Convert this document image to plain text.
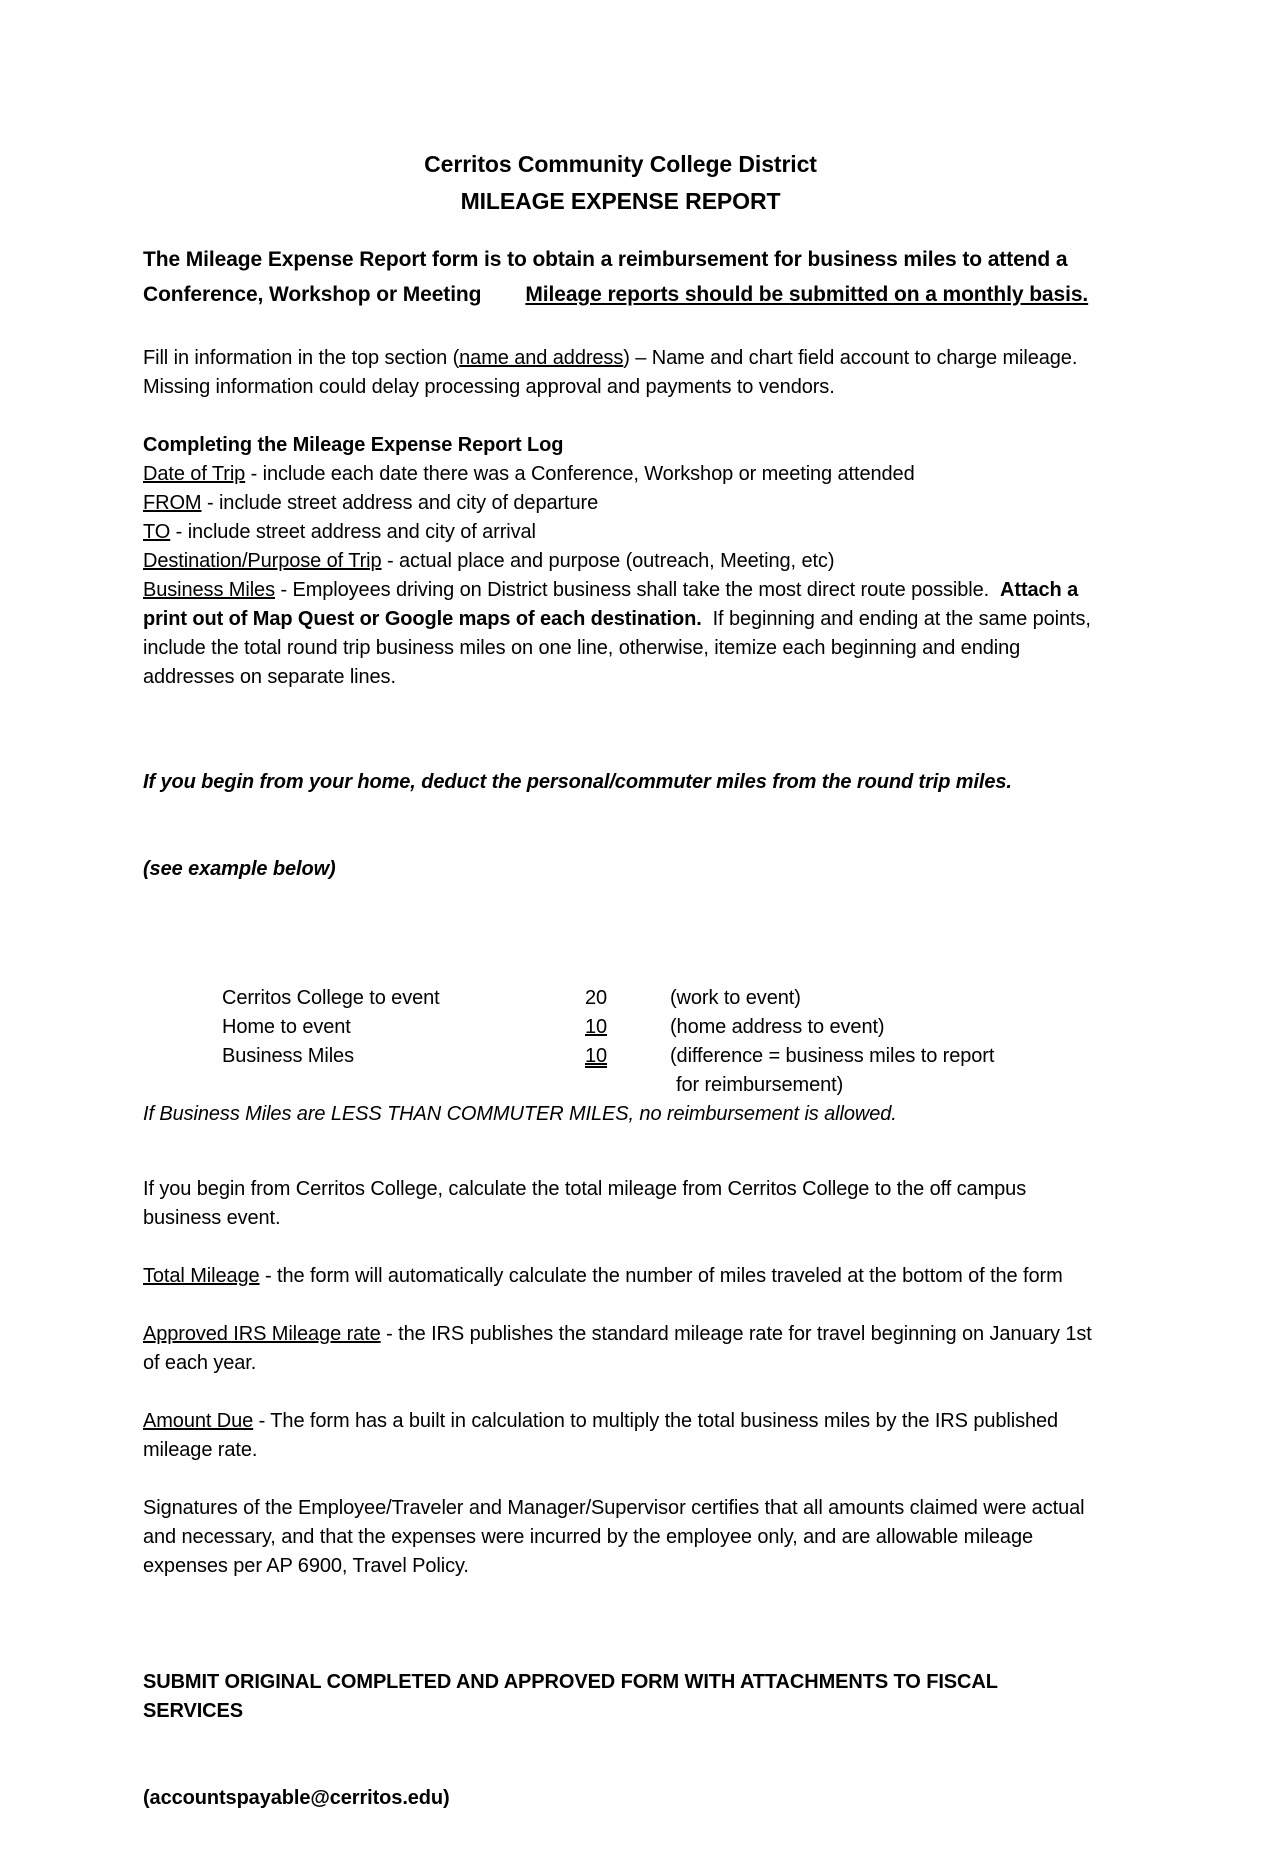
Cerritos Community College District
MILEAGE EXPENSE REPORT

The Mileage Expense Report form is to obtain a reimbursement for business miles to attend a Conference, Workshop or Meeting Mileage reports should be submitted on a monthly basis.

Fill in information in the top section (name and address) – Name and chart field account to charge mileage.  Missing information could delay processing approval and payments to vendors.

Completing the Mileage Expense Report Log
Date of Trip - include each date there was a Conference, Workshop or meeting attended
FROM - include street address and city of departure
TO - include street address and city of arrival
Destination/Purpose of Trip - actual place and purpose (outreach, Meeting, etc)
Business Miles - Employees driving on District business shall take the most direct route possible.  Attach a print out of Map Quest or Google maps of each destination.  If beginning and ending at the same points, include the total round trip business miles on one line, otherwise, itemize each beginning and ending addresses on separate lines.

If you begin from your home, deduct the personal/commuter miles from the round trip miles.

(see example below)

Cerritos College to event	20	(work to event)
Home to event	10	(home address to event)
Business Miles	10	(difference = business miles to report
for reimbursement)
If Business Miles are LESS THAN COMMUTER MILES, no reimbursement is allowed.

If you begin from Cerritos College, calculate the total mileage from Cerritos College to the off campus business event.

Total Mileage - the form will automatically calculate the number of miles traveled at the bottom of the form

Approved IRS Mileage rate - the IRS publishes the standard mileage rate for travel beginning on January 1st of each year.

Amount Due - The form has a built in calculation to multiply the total business miles by the IRS published mileage rate.

Signatures of the Employee/Traveler and Manager/Supervisor certifies that all amounts claimed were actual and necessary, and that the expenses were incurred by the employee only, and are allowable mileage expenses per AP 6900, Travel Policy.

SUBMIT ORIGINAL COMPLETED AND APPROVED FORM WITH ATTACHMENTS TO FISCAL SERVICES

(accountspayable@cerritos.edu)
